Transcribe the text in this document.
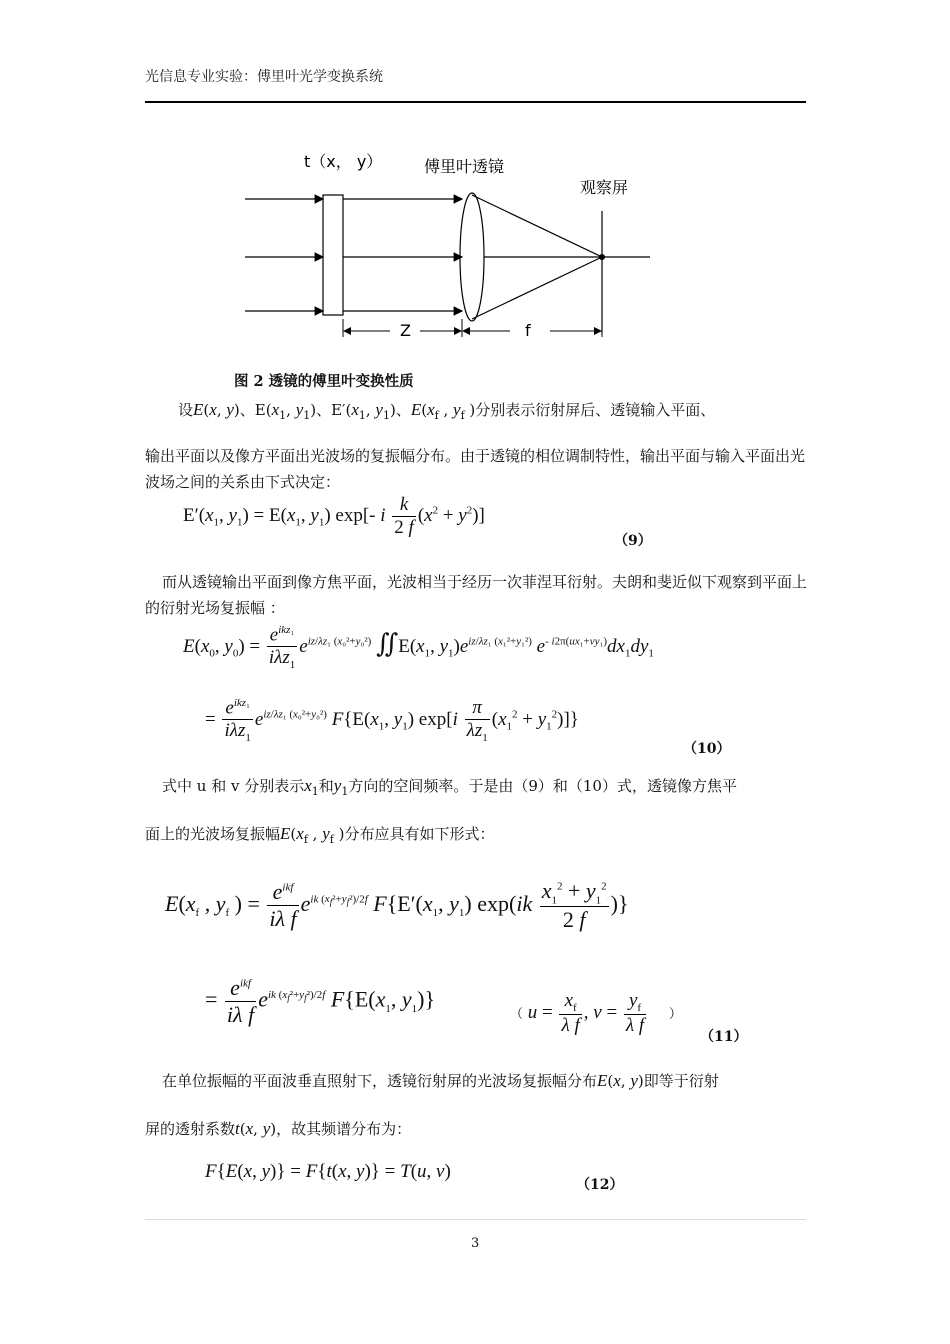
光信息专业实验：傅里叶光学变换系统
t（x， y）	傅里叶透镜
观察屏
Z	f
图 2 透镜的傅里叶变换性质
设E(x, y)、$E(x_1$, $y_1$)、$E'(x_1$, $y_1$)、$E(x_f$ , $y_f$ )分别表示衍射屏后、透镜输入平面、
输出平面以及像方平面出光波场的复振幅分布。由于透镜的相位调制特性，输出平面与输入平面出光波场之间的关系由下式决定：
$E'(x_1$, $y_1) = E(x_1$, $y_1$) exp[- i $\frac{k}{2 f} (x^2 + y^2)$]
（9）
而从透镜输出平面到像方焦平面，光波相当于经历一次菲涅耳衍射。夫朗和斐近似下观察到平面上的衍射光场复振幅 ：
$E(x_0$, $y_0) = \frac{e^{ikz_1}}{i\lambda z_1} e^{iz/\lambda z_1 (x_0^2+y_0^2)}$ $∬E(x_1$, $y_1)e^{iz/\lambda z_1 (x_1^2+y_1^2)}$ $e^{- i2\pi(ux_1+vy_1)}dx_1dy_1$
= $\frac{e^{ikz_1}}{i\lambda z_1} e^{iz/\lambda z_1 (x_0^2+y_0^2)}$ $F\{E(x_1$, $y_1$) $\exp[i \frac{\pi}{\lambda z_1} (x_1^2 + y_1^2)]$}
（10）
式中 u 和 v 分别表示$x_1$和$y_1$方向的空间频率。于是由（9）和（10）式，透镜像方焦平
面上的光波场复振幅$E(x_f$ , $y_f$ )分布应具有如下形式：
$E(x_f$ , $y_f$ ) = $\frac{e^{ikf}}{\text{iλ f}} e^{ik (x_f^2+y_f^2)/2f}$ $F\{E'(x_1$, $y_1$) $\exp(ik \frac{x_1^2 + y_1^2}{2 f}$ )}
= $\frac{e^{ikf}}{\text{iλ f}} e^{ik (x_f^2+y_f^2)/2f}$ $F\{E(x_1$, $y_1$)}
（ $u = \frac{x_f}{\text{λ f}}$ , $v = \frac{y_f}{\text{λ f}}$ ）
（11）
在单位振幅的平面波垂直照射下，透镜衍射屏的光波场复振幅分布E(x, y)即等于衍射
屏的透射系数t(x, y)，故其频谱分布为：
F{E(x, y)} = F{t(x, y)} = T(u, v)
（12）
3
